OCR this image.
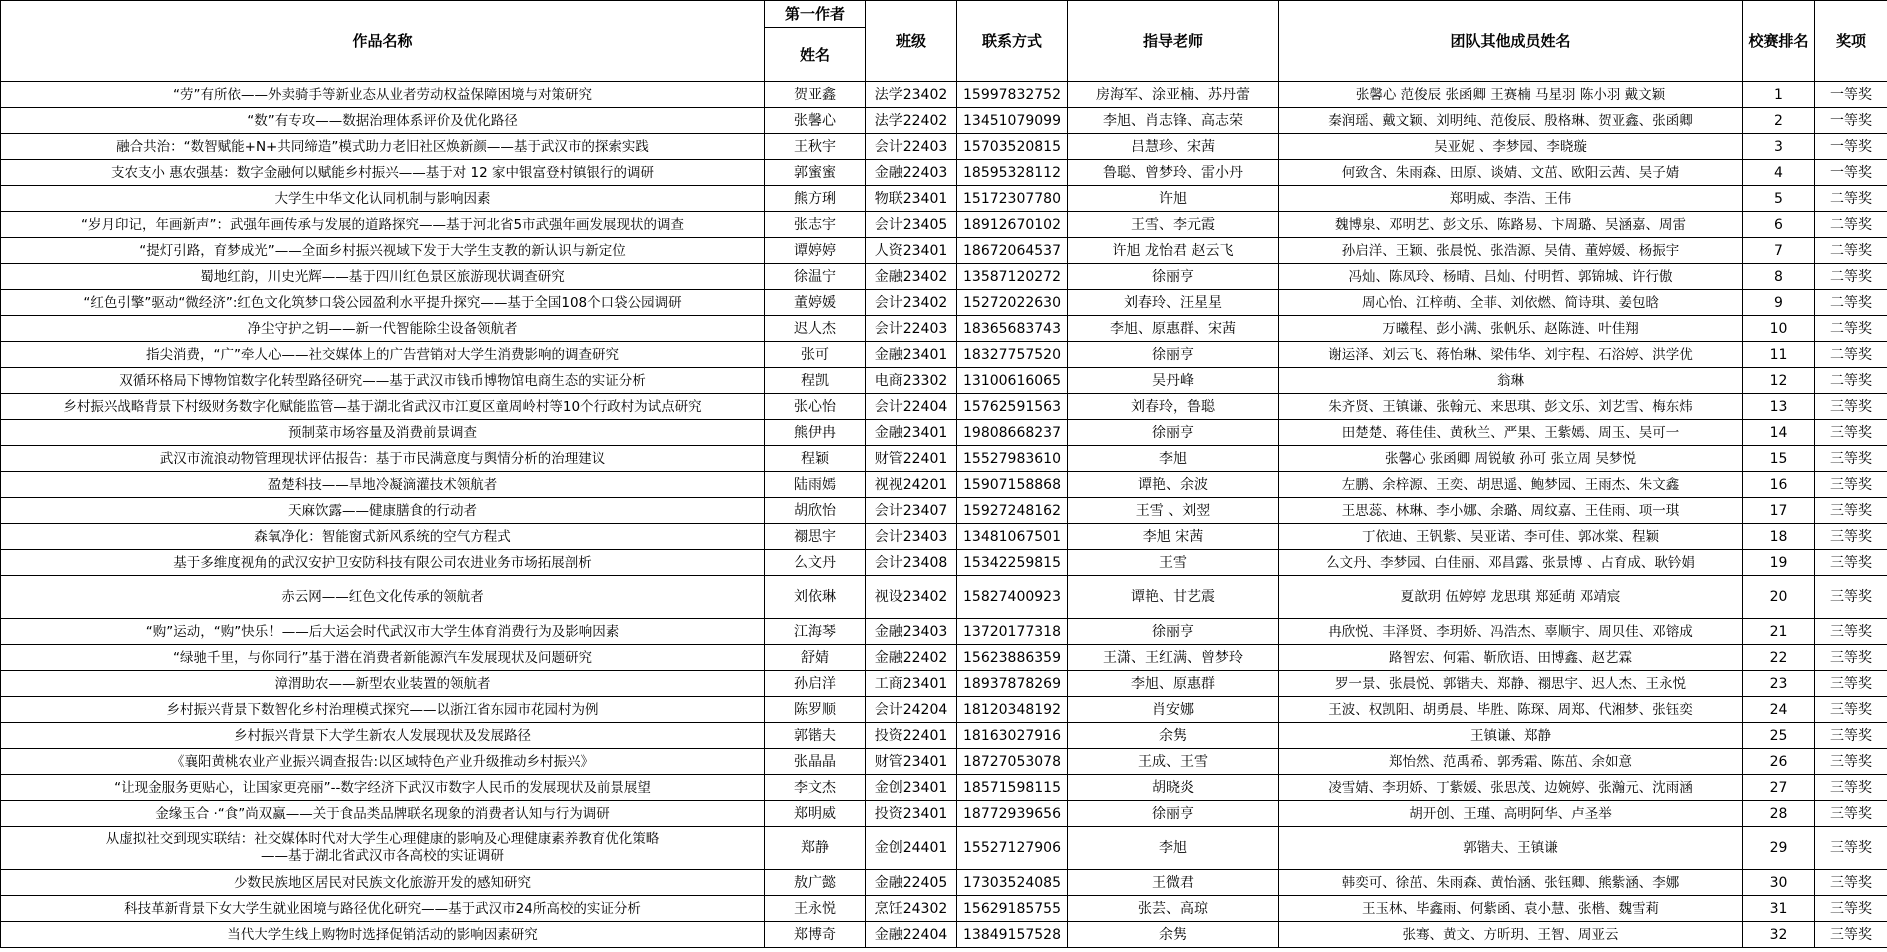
作品名称	第一作者	班级	联系方式	指导老师	团队其他成员姓名	校赛排名	奖项
	姓名						
“劳”有所依——外卖骑手等新业态从业者劳动权益保障困境与对策研究	贺亚鑫	法学23402	15997832752	房海军、涂亚楠、苏丹蕾	张馨心 范俊辰 张函卿 王赛楠 马星羽 陈小羽 戴文颖	1	一等奖
“数”有专攻——数据治理体系评价及优化路径	张馨心	法学22402	13451079099	李旭、肖志锋、高志荣	秦润瑶、戴文颖、刘明纯、范俊辰、殷格琳、贺亚鑫、张函卿	2	一等奖
融合共治：“数智赋能+N+共同缔造”模式助力老旧社区焕新颜——基于武汉市的探索实践	王秋宇	会计22403	15703520815	吕慧珍、宋茜	吴亚妮 、李梦园、李晓璇	3	一等奖
支农支小 惠农强基：数字金融何以赋能乡村振兴——基于对 12 家中银富登村镇银行的调研	郭蜜蜜	金融22403	18595328112	鲁聪、曾梦玲、雷小丹	何致含、朱雨森、田原、谈婧、文茁、欧阳云茜、吴子婧	4	一等奖
大学生中华文化认同机制与影响因素	熊方琍	物联23401	15172307780	许旭	郑明威、李浩、王伟	5	二等奖
“岁月印记，年画新声”：武强年画传承与发展的道路探究——基于河北省5市武强年画发展现状的调查	张志宇	会计23405	18912670102	王雪、李元霞	魏博泉、邓明艺、彭文乐、陈路易、卞周璐、吴涵嘉、周雷	6	二等奖
“提灯引路，育梦成光”——全面乡村振兴视域下发于大学生支教的新认识与新定位	谭婷婷	人资23401	18672064537	许旭 龙怡君 赵云飞	孙启洋、王颖、张晨悦、张浩源、吴倩、董婷媛、杨振宇	7	二等奖
蜀地红韵，川史光辉——基于四川红色景区旅游现状调查研究	徐温宁	金融23402	13587120272	徐丽亨	冯灿、陈凤玲、杨晴、吕灿、付明哲、郭锦城、许行傲	8	二等奖
“红色引擎”驱动“微经济”:红色文化筑梦口袋公园盈利水平提升探究——基于全国108个口袋公园调研	董婷媛	会计23402	15272022630	刘春玲、汪星星	周心怡、江梓萌、全菲、刘依燃、简诗琪、姜包晗	9	二等奖
净尘守护之钥——新一代智能除尘设备领航者	迟人杰	会计22403	18365683743	李旭、原惠群、宋茜	万曦程、彭小满、张帆乐、赵陈涟、叶佳翔	10	二等奖
指尖消费，“广”牵人心——社交媒体上的广告营销对大学生消费影响的调查研究	张可	金融23401	18327757520	徐丽亨	谢运泽、刘云飞、蒋怡琳、梁伟华、刘宇程、石浴婷、洪学优	11	二等奖
双循环格局下博物馆数字化转型路径研究——基于武汉市钱币博物馆电商生态的实证分析	程凯	电商23302	13100616065	吴丹峰	翁琳	12	二等奖
乡村振兴战略背景下村级财务数字化赋能监管—基于湖北省武汉市江夏区童周岭村等10个行政村为试点研究	张心怡	会计22404	15762591563	刘春玲，鲁聪	朱齐贤、王镇谦、张翰元、来思琪、彭文乐、刘艺雪、梅东炜	13	三等奖
预制菜市场容量及消费前景调查	熊伊冉	金融23401	19808668237	徐丽亨	田楚楚、蒋佳佳、黄秋兰、严果、王紫嫣、周玉、吴可一	14	三等奖
武汉市流浪动物管理现状评估报告：基于市民满意度与舆情分析的治理建议	程颖	财管22401	15527983610	李旭	张馨心 张函卿 周锐敏 孙可 张立周 吴梦悦	15	三等奖
盈楚科技——旱地冷凝滴灌技术领航者	陆雨嫣	视视24201	15907158868	谭艳、余波	左鹏、余梓源、王奕、胡思遥、鲍梦园、王雨杰、朱文鑫	16	三等奖
天麻饮露——健康膳食的行动者	胡欣怡	会计23407	15927248162	王雪 、刘翌	王思蕊、林琳、李小娜、余璐、周纹嘉、王佳雨、项一琪	17	三等奖
森氧净化：智能窗式新风系统的空气方程式	禤思宇	会计23403	13481067501	李旭 宋茜	丁依迪、王钒紫、吴亚诺、李可佳、郭冰棠、程颖	18	三等奖
基于多维度视角的武汉安护卫安防科技有限公司农进业务市场拓展剖析	么文丹	会计23408	15342259815	王雪	么文丹、李梦园、白佳丽、邓昌露、张景博 、占育成、耿钤娟	19	三等奖
赤云网——红色文化传承的领航者	刘依琳	视设23402	15827400923	谭艳、甘艺震	夏歆玥 伍婷婷 龙思琪 郑延萌 邓靖宸	20	三等奖
“购”运动，“购”快乐！——后大运会时代武汉市大学生体育消费行为及影响因素	江海琴	金融23403	13720177318	徐丽亨	冉欣悦、丰泽贤、李玥娇、冯浩杰、辜顺宇、周贝佳、邓镕成	21	三等奖
“绿驰千里，与你同行”基于潜在消费者新能源汽车发展现状及问题研究	舒婧	金融22402	15623886359	王潇、王红满、曾梦玲	路智宏、何霜、靳欣语、田博鑫、赵艺霖	22	三等奖
漳渭助农——新型农业装置的领航者	孙启洋	工商23401	18937878269	李旭、原惠群	罗一景、张晨悦、郭锴夫、郑静、禤思宇、迟人杰、王永悦	23	三等奖
乡村振兴背景下数智化乡村治理模式探究——以浙江省东园市花园村为例	陈罗顺	会计24204	18120348192	肖安娜	王波、权凯阳、胡勇晨、毕胜、陈琛、周郑、代湘梦、张钰奕	24	三等奖
乡村振兴背景下大学生新农人发展现状及发展路径	郭锴夫	投资22401	18163027916	余隽	王镇谦、郑静	25	三等奖
《襄阳黄桃农业产业振兴调查报告:以区域特色产业升级推动乡村振兴》	张晶晶	财管23401	18727053078	王成、王雪	郑怡然、范禹希、郭秀霜、陈茁、余如意	26	三等奖
“让现金服务更贴心，让国家更亮丽”--数字经济下武汉市数字人民币的发展现状及前景展望	李文杰	金创23401	18571598115	胡晓炎	凌雪婧、李玥娇、丁紫媛、张思茂、边婉婷、张瀚元、沈雨涵	27	三等奖
金缘玉合 ·“食”尚双赢——关于食品类品牌联名现象的消费者认知与行为调研	郑明威	投资23401	18772939656	徐丽亨	胡开创、王瑾、高明阿华、卢圣举	28	三等奖

从虚拟社交到现实联结：社交媒体时代对大学生心理健康的影响及心理健康素养教育优化策略
——基于湖北省武汉市各高校的实证调研	郑静	金创24401	15527127906	李旭	郭锴夫、王镇谦	29	三等奖
少数民族地区居民对民族文化旅游开发的感知研究	敖广懿	金融22405	17303524085	王微君	韩奕可、徐茁、朱雨森、黄怡涵、张钰卿、熊紫涵、李娜	30	三等奖
科技革新背景下女大学生就业困境与路径优化研究——基于武汉市24所高校的实证分析	王永悦	烹饪24302	15629185755	张芸、高琼	王玉林、毕鑫雨、何紫函、袁小慧、张楷、魏雪莉	31	三等奖
当代大学生线上购物时选择促销活动的影响因素研究	郑博奇	金融22404	13849157528	余隽	张骞、黄文、方昕玥、王智、周亚云	32	三等奖
